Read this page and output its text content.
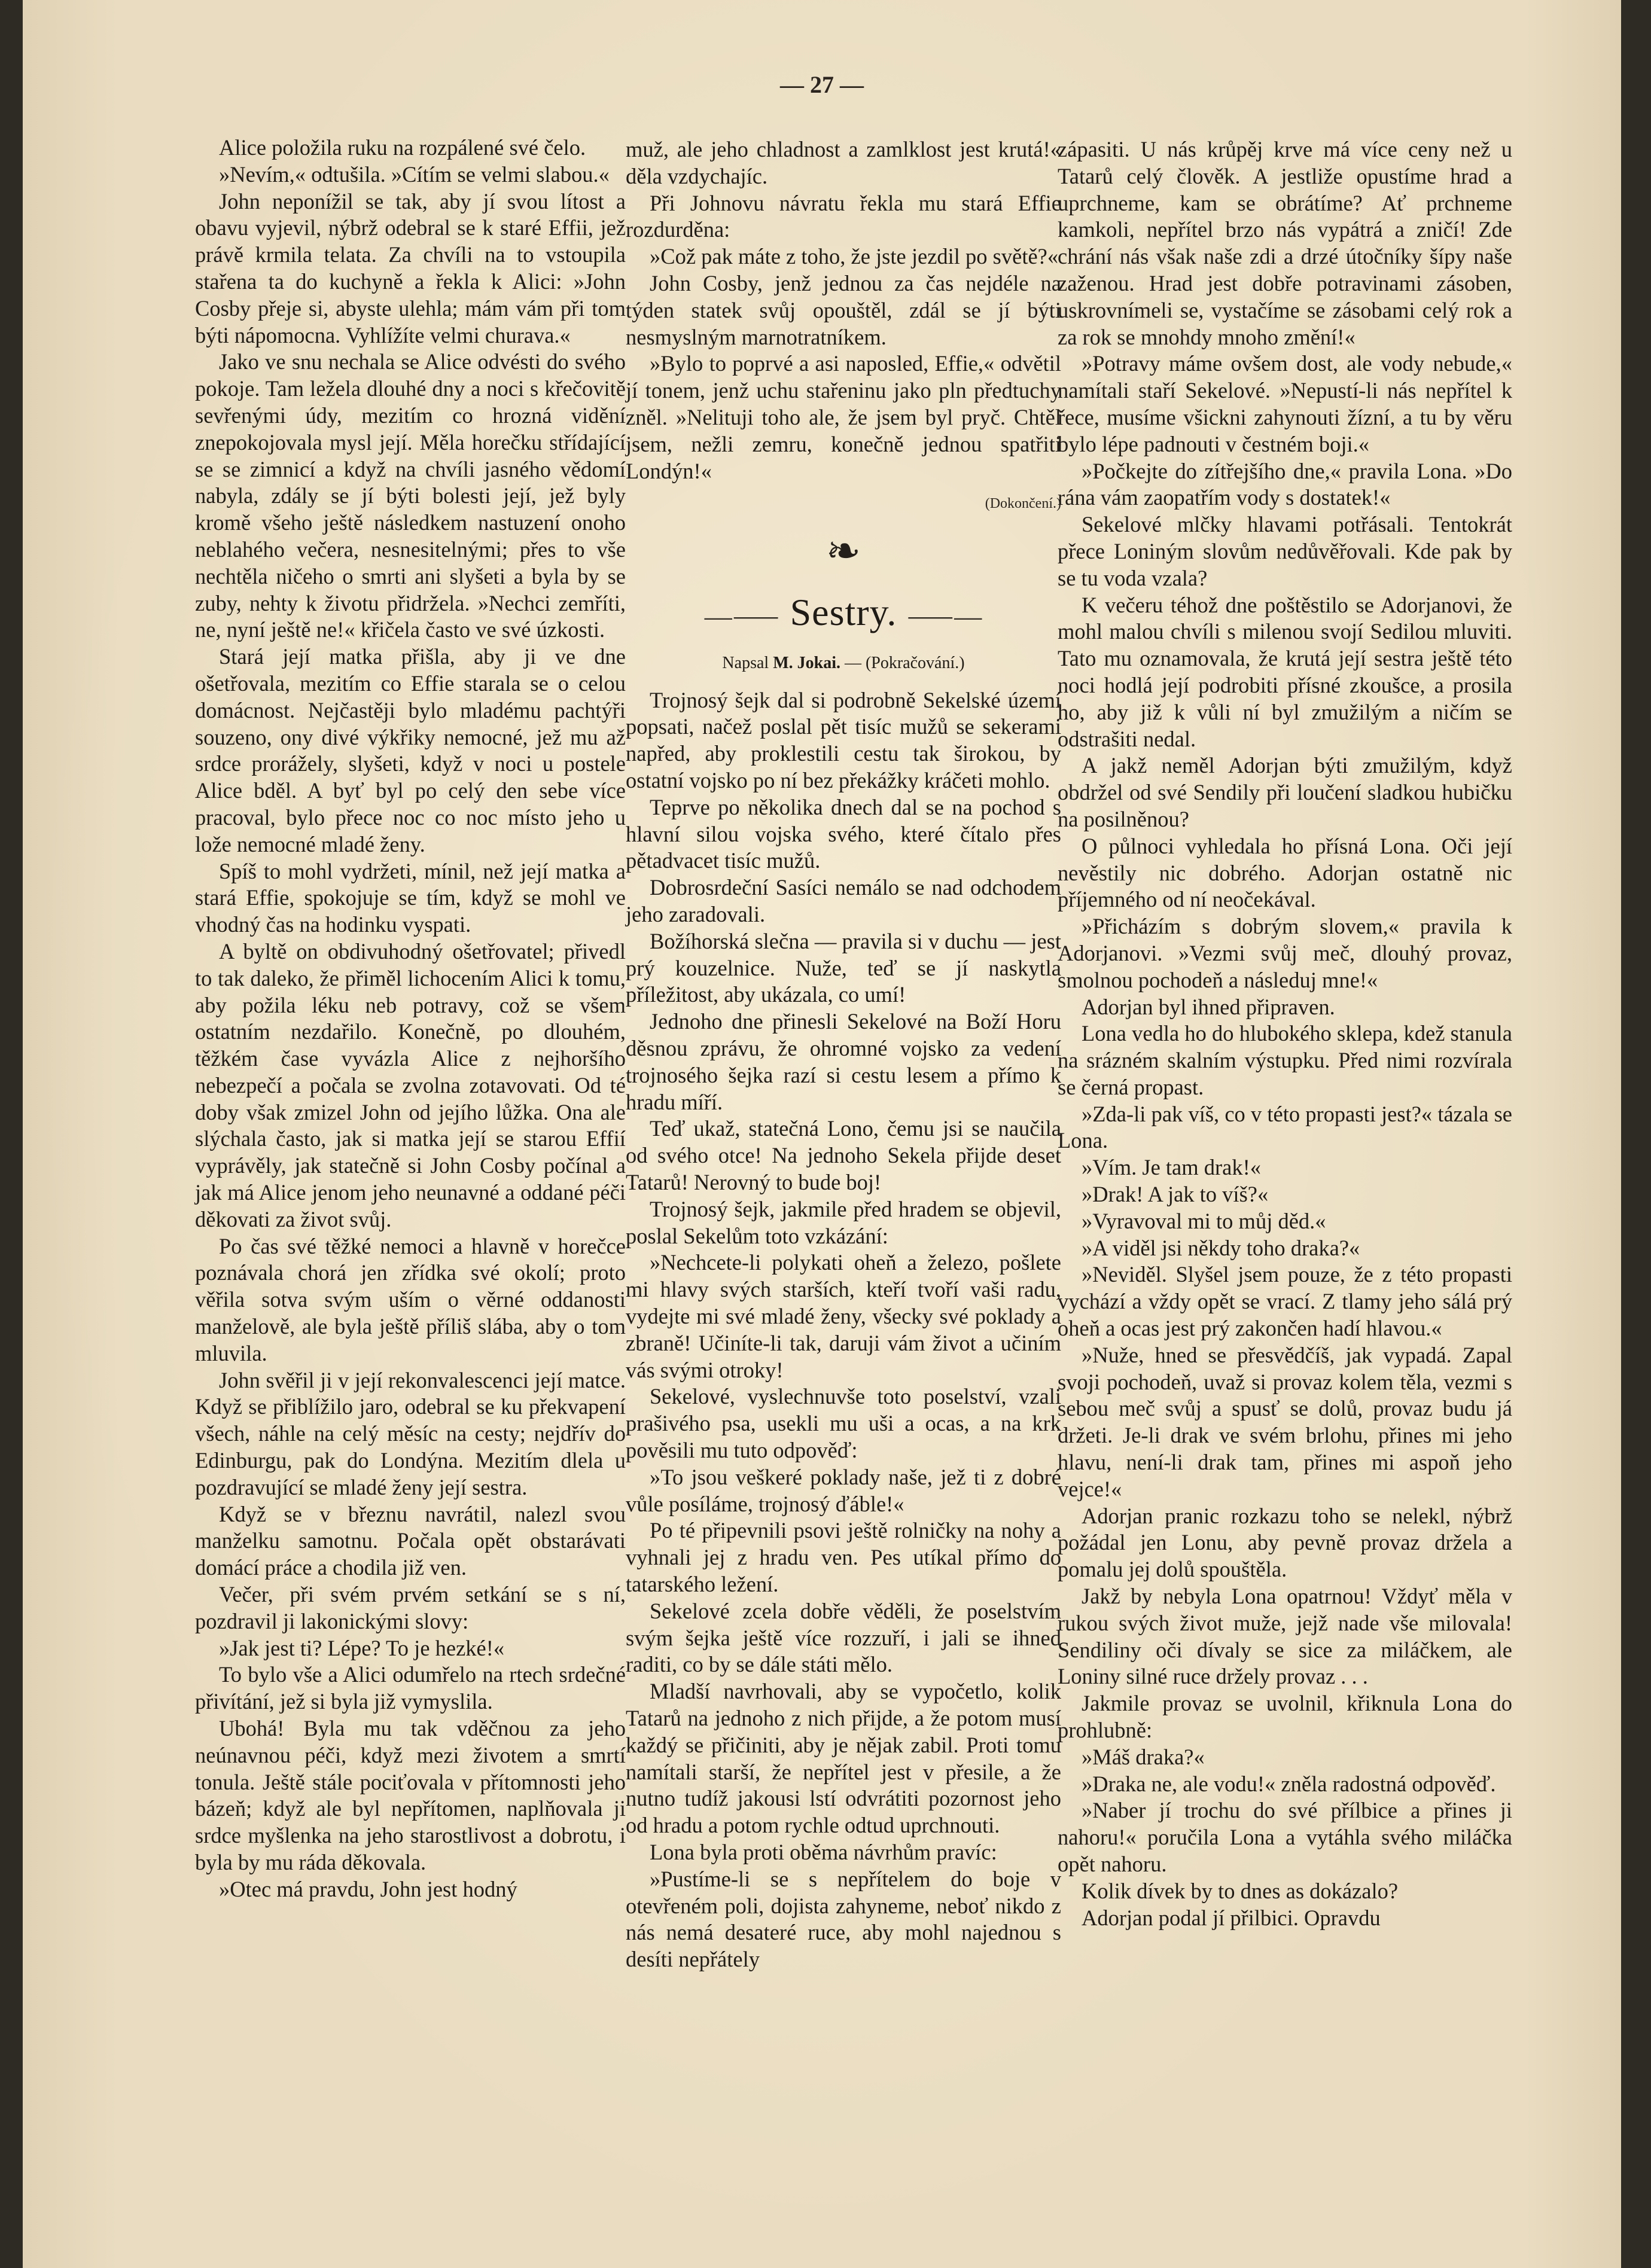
— 27 —

Alice položila ruku na rozpálené své čelo.

»Nevím,« odtušila. »Cítím se velmi slabou.«

John neponížil se tak, aby jí svou lítost a obavu vyjevil, nýbrž odebral se k staré Effii, jež právě krmila telata. Za chvíli na to vstoupila stařena ta do kuchyně a řekla k Alici: »John Cosby přeje si, abyste ulehla; mám vám při tom býti nápomocna. Vyhlížíte velmi churava.«

Jako ve snu nechala se Alice odvésti do svého pokoje. Tam ležela dlouhé dny a noci s křečovitě sevřenými údy, mezitím co hrozná vidění znepokojovala mysl její. Měla horečku střídající se se zimnicí a když na chvíli jasného vědomí nabyla, zdály se jí býti bolesti její, jež byly kromě všeho ještě následkem nastuzení onoho neblahého večera, nesnesitelnými; přes to vše nechtěla ničeho o smrti ani slyšeti a byla by se zuby, nehty k životu přidržela. »Nechci zemříti, ne, nyní ještě ne!« křičela často ve své úzkosti.

Stará její matka přišla, aby ji ve dne ošetřovala, mezitím co Effie starala se o celou domácnost. Nejčastěji bylo mladému pachtýři souzeno, ony divé výkřiky nemocné, jež mu až srdce prorážely, slyšeti, když v noci u postele Alice bděl. A byť byl po celý den sebe více pracoval, bylo přece noc co noc místo jeho u lože nemocné mladé ženy.

Spíš to mohl vydržeti, mínil, než její matka a stará Effie, spokojuje se tím, když se mohl ve vhodný čas na hodinku vyspati.

A byltě on obdivuhodný ošetřovatel; přivedl to tak daleko, že přiměl lichocením Alici k tomu, aby požila léku neb potravy, což se všem ostatním nezdařilo. Konečně, po dlouhém, těžkém čase vyvázla Alice z nejhoršího nebezpečí a počala se zvolna zotavovati. Od té doby však zmizel John od jejího lůžka. Ona ale slýchala často, jak si matka její se starou Effií vyprávěly, jak statečně si John Cosby počínal a jak má Alice jenom jeho neunavné a oddané péči děkovati za život svůj.

Po čas své těžké nemoci a hlavně v horečce poznávala chorá jen zřídka své okolí; proto věřila sotva svým uším o věrné oddanosti manželově, ale byla ještě příliš slába, aby o tom mluvila.

John svěřil ji v její rekonvalescenci její matce. Když se přiblížilo jaro, odebral se ku překvapení všech, náhle na celý měsíc na cesty; nejdřív do Edinburgu, pak do Londýna. Mezitím dlela u pozdravující se mladé ženy její sestra.

Když se v březnu navrátil, nalezl svou manželku samotnu. Počala opět obstarávati domácí práce a chodila již ven.

Večer, při svém prvém setkání se s ní, pozdravil ji lakonickými slovy:

»Jak jest ti? Lépe? To je hezké!«

To bylo vše a Alici odumřelo na rtech srdečné přivítání, jež si byla již vymyslila.

Ubohá! Byla mu tak vděčnou za jeho neúnavnou péči, když mezi životem a smrtí tonula. Ještě stále pociťovala v přítomnosti jeho bázeň; když ale byl nepřítomen, naplňovala ji srdce myšlenka na jeho starostlivost a dobrotu, i byla by mu ráda děkovala.

»Otec má pravdu, John jest hodný

muž, ale jeho chladnost a zamlklost jest krutá!« děla vzdychajíc.

Při Johnovu návratu řekla mu stará Effie rozdurděna:

»Což pak máte z toho, že jste jezdil po světě?«

John Cosby, jenž jednou za čas nejdéle na týden statek svůj opouštěl, zdál se jí býti nesmyslným marnotratníkem.

»Bylo to poprvé a asi naposled, Effie,« odvětil jí tonem, jenž uchu stařeninu jako pln předtuchy zněl. »Nelituji toho ale, že jsem byl pryč. Chtěl jsem, nežli zemru, konečně jednou spatřiti Londýn!«

(Dokončení.)
❧
—⸺ Sestry. ⸺—
Napsal M. Jokai. — (Pokračování.)

Trojnosý šejk dal si podrobně Sekelské území popsati, načež poslal pět tisíc mužů se sekerami napřed, aby proklestili cestu tak širokou, by ostatní vojsko po ní bez překážky kráčeti mohlo.

Teprve po několika dnech dal se na pochod s hlavní silou vojska svého, které čítalo přes pětadvacet tisíc mužů.

Dobrosrdeční Sasíci nemálo se nad odchodem jeho zaradovali.

Božíhorská slečna — pravila si v duchu — jest prý kouzelnice. Nuže, teď se jí naskytla příležitost, aby ukázala, co umí!

Jednoho dne přinesli Sekelové na Boží Horu děsnou zprávu, že ohromné vojsko za vedení trojnosého šejka razí si cestu lesem a přímo k hradu míří.

Teď ukaž, statečná Lono, čemu jsi se naučila od svého otce! Na jednoho Sekela přijde deset Tatarů! Nerovný to bude boj!

Trojnosý šejk, jakmile před hradem se objevil, poslal Sekelům toto vzkázání:

»Nechcete-li polykati oheň a železo, pošlete mi hlavy svých starších, kteří tvoří vaši radu, vydejte mi své mladé ženy, všecky své poklady a zbraně! Učiníte-li tak, daruji vám život a učiním vás svými otroky!

Sekelové, vyslechnuvše toto poselství, vzali prašivého psa, usekli mu uši a ocas, a na krk pověsili mu tuto odpověď:

»To jsou veškeré poklady naše, jež ti z dobré vůle posíláme, trojnosý ďáble!«

Po té připevnili psovi ještě rolničky na nohy a vyhnali jej z hradu ven. Pes utíkal přímo do tatarského ležení.

Sekelové zcela dobře věděli, že poselstvím svým šejka ještě více rozzuří, i jali se ihned raditi, co by se dále státi mělo.

Mladší navrhovali, aby se vypočetlo, kolik Tatarů na jednoho z nich přijde, a že potom musí každý se přičiniti, aby je nějak zabil. Proti tomu namítali starší, že nepřítel jest v přesile, a že nutno tudíž jakousi lstí odvrátiti pozornost jeho od hradu a potom rychle odtud uprchnouti.

Lona byla proti oběma návrhům pravíc:

»Pustíme-li se s nepřítelem do boje v otevřeném poli, dojista zahyneme, neboť nikdo z nás nemá desateré ruce, aby mohl najednou s desíti nepřátely

zápasiti. U nás krůpěj krve má více ceny než u Tatarů celý člověk. A jestliže opustíme hrad a uprchneme, kam se obrátíme? Ať prchneme kamkoli, nepřítel brzo nás vypátrá a zničí! Zde chrání nás však naše zdi a drzé útočníky šípy naše zaženou. Hrad jest dobře potravinami zásoben, uskrovnímeli se, vystačíme se zásobami celý rok a za rok se mnohdy mnoho změní!«

»Potravy máme ovšem dost, ale vody nebude,« namítali staří Sekelové. »Nepustí-li nás nepřítel k řece, musíme všickni zahynouti žízní, a tu by věru bylo lépe padnouti v čestném boji.«

»Počkejte do zítřejšího dne,« pravila Lona. »Do rána vám zaopatřím vody s dostatek!«

Sekelové mlčky hlavami potřásali. Tentokrát přece Loniným slovům nedůvěřovali. Kde pak by se tu voda vzala?

K večeru téhož dne poštěstilo se Adorjanovi, že mohl malou chvíli s milenou svojí Sedilou mluviti. Tato mu oznamovala, že krutá její sestra ještě této noci hodlá její podrobiti přísné zkoušce, a prosila ho, aby již k vůli ní byl zmužilým a ničím se odstrašiti nedal.

A jakž neměl Adorjan býti zmužilým, když obdržel od své Sendily při loučení sladkou hubičku na posilněnou?

O půlnoci vyhledala ho přísná Lona. Oči její nevěstily nic dobrého. Adorjan ostatně nic příjemného od ní neočekával.

»Přicházím s dobrým slovem,« pravila k Adorjanovi. »Vezmi svůj meč, dlouhý provaz, smolnou pochodeň a následuj mne!«

Adorjan byl ihned připraven.

Lona vedla ho do hlubokého sklepa, kdež stanula na srázném skalním výstupku. Před nimi rozvírala se černá propast.

»Zda-li pak víš, co v této propasti jest?« tázala se Lona.

»Vím. Je tam drak!«

»Drak! A jak to víš?«

»Vyravoval mi to můj děd.«

»A viděl jsi někdy toho draka?«

»Neviděl. Slyšel jsem pouze, že z této propasti vychází a vždy opět se vrací. Z tlamy jeho sálá prý oheň a ocas jest prý zakončen hadí hlavou.«

»Nuže, hned se přesvědčíš, jak vypadá. Zapal svoji pochodeň, uvaž si provaz kolem těla, vezmi s sebou meč svůj a spusť se dolů, provaz budu já držeti. Je-li drak ve svém brlohu, přines mi jeho hlavu, není-li drak tam, přines mi aspoň jeho vejce!«

Adorjan pranic rozkazu toho se nelekl, nýbrž požádal jen Lonu, aby pevně provaz držela a pomalu jej dolů spouštěla.

Jakž by nebyla Lona opatrnou! Vždyť měla v rukou svých život muže, jejž nade vše milovala! Sendiliny oči dívaly se sice za miláčkem, ale Loniny silné ruce držely provaz . . .

Jakmile provaz se uvolnil, křiknula Lona do prohlubně:

»Máš draka?«

»Draka ne, ale vodu!« zněla radostná odpověď.

»Naber jí trochu do své přílbice a přines ji nahoru!« poručila Lona a vytáhla svého miláčka opět nahoru.

Kolik dívek by to dnes as dokázalo?

Adorjan podal jí přilbici. Opravdu
